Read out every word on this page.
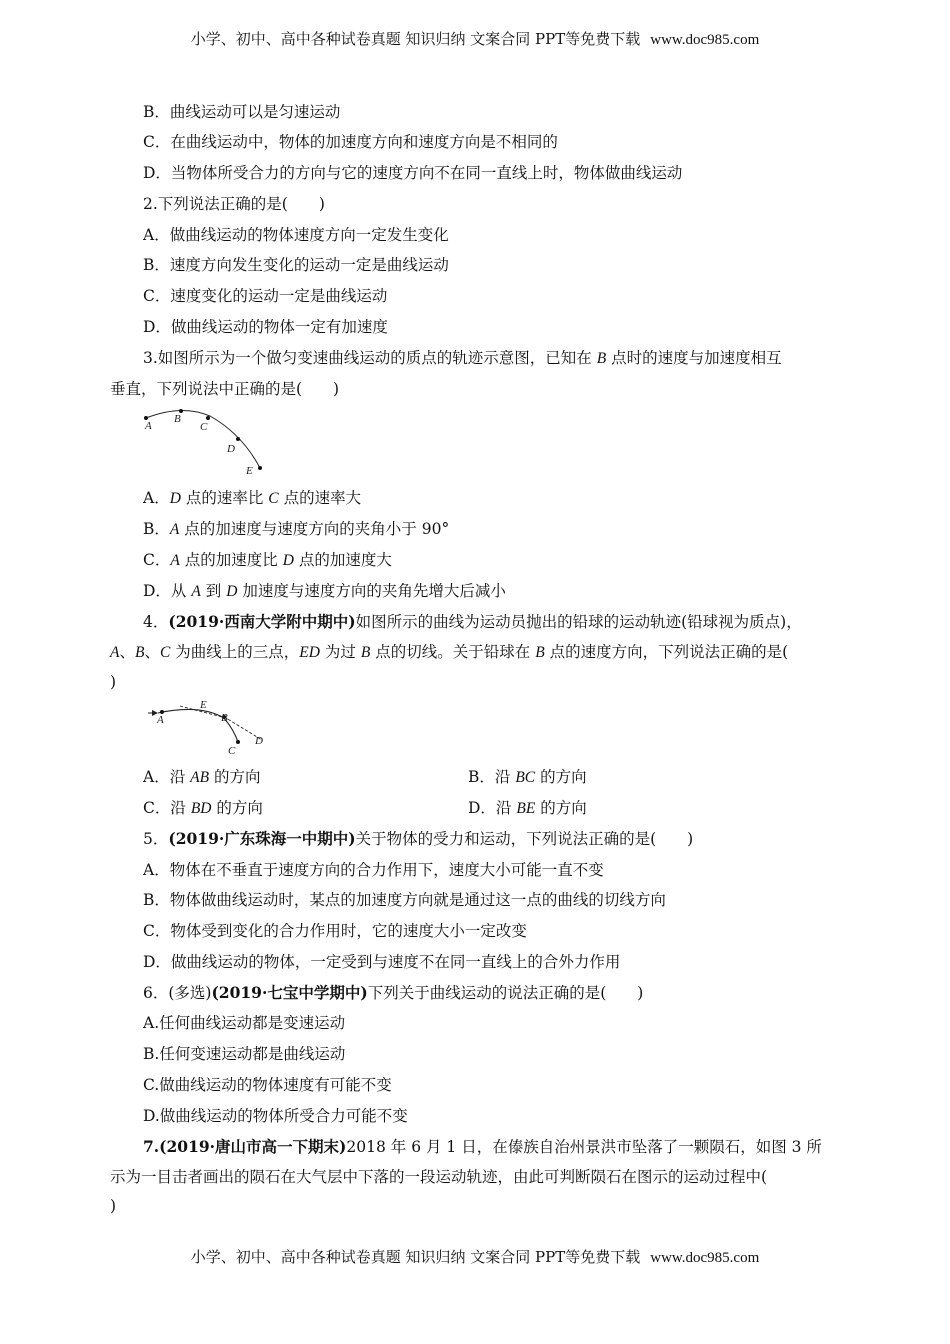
小学、初中、高中各种试卷真题 知识归纳 文案合同 PPT等免费下载 www.doc985.com
B．曲线运动可以是匀速运动
C．在曲线运动中，物体的加速度方向和速度方向是不相同的
D．当物体所受合力的方向与它的速度方向不在同一直线上时，物体做曲线运动
2.下列说法正确的是(　　)
A．做曲线运动的物体速度方向一定发生变化
B．速度方向发生变化的运动一定是曲线运动
C．速度变化的运动一定是曲线运动
D．做曲线运动的物体一定有加速度
3.如图所示为一个做匀变速曲线运动的质点的轨迹示意图，已知在 B 点时的速度与加速度相互
垂直，下列说法中正确的是(　　)
A
B
C
D
E
A．D 点的速率比 C 点的速率大
B．A 点的加速度与速度方向的夹角小于 90°
C．A 点的加速度比 D 点的加速度大
D．从 A 到 D 加速度与速度方向的夹角先增大后减小
4．(2019·西南大学附中期中)如图所示的曲线为运动员抛出的铅球的运动轨迹(铅球视为质点)，
A、B、C 为曲线上的三点，ED 为过 B 点的切线。关于铅球在 B 点的速度方向，下列说法正确的是(
)
A
E
B
C
D
A．沿 AB 的方向	B．沿 BC 的方向
C．沿 BD 的方向	D．沿 BE 的方向
5．(2019·广东珠海一中期中)关于物体的受力和运动，下列说法正确的是(　　)
A．物体在不垂直于速度方向的合力作用下，速度大小可能一直不变
B．物体做曲线运动时，某点的加速度方向就是通过这一点的曲线的切线方向
C．物体受到变化的合力作用时，它的速度大小一定改变
D．做曲线运动的物体，一定受到与速度不在同一直线上的合外力作用
6．(多选)(2019·七宝中学期中)下列关于曲线运动的说法正确的是(　　)
A.任何曲线运动都是变速运动
B.任何变速运动都是曲线运动
C.做曲线运动的物体速度有可能不变
D.做曲线运动的物体所受合力可能不变
7.(2019·唐山市高一下期末)2018 年 6 月 1 日，在傣族自治州景洪市坠落了一颗陨石，如图 3 所
示为一目击者画出的陨石在大气层中下落的一段运动轨迹，由此可判断陨石在图示的运动过程中(
)
小学、初中、高中各种试卷真题 知识归纳 文案合同 PPT等免费下载 www.doc985.com
